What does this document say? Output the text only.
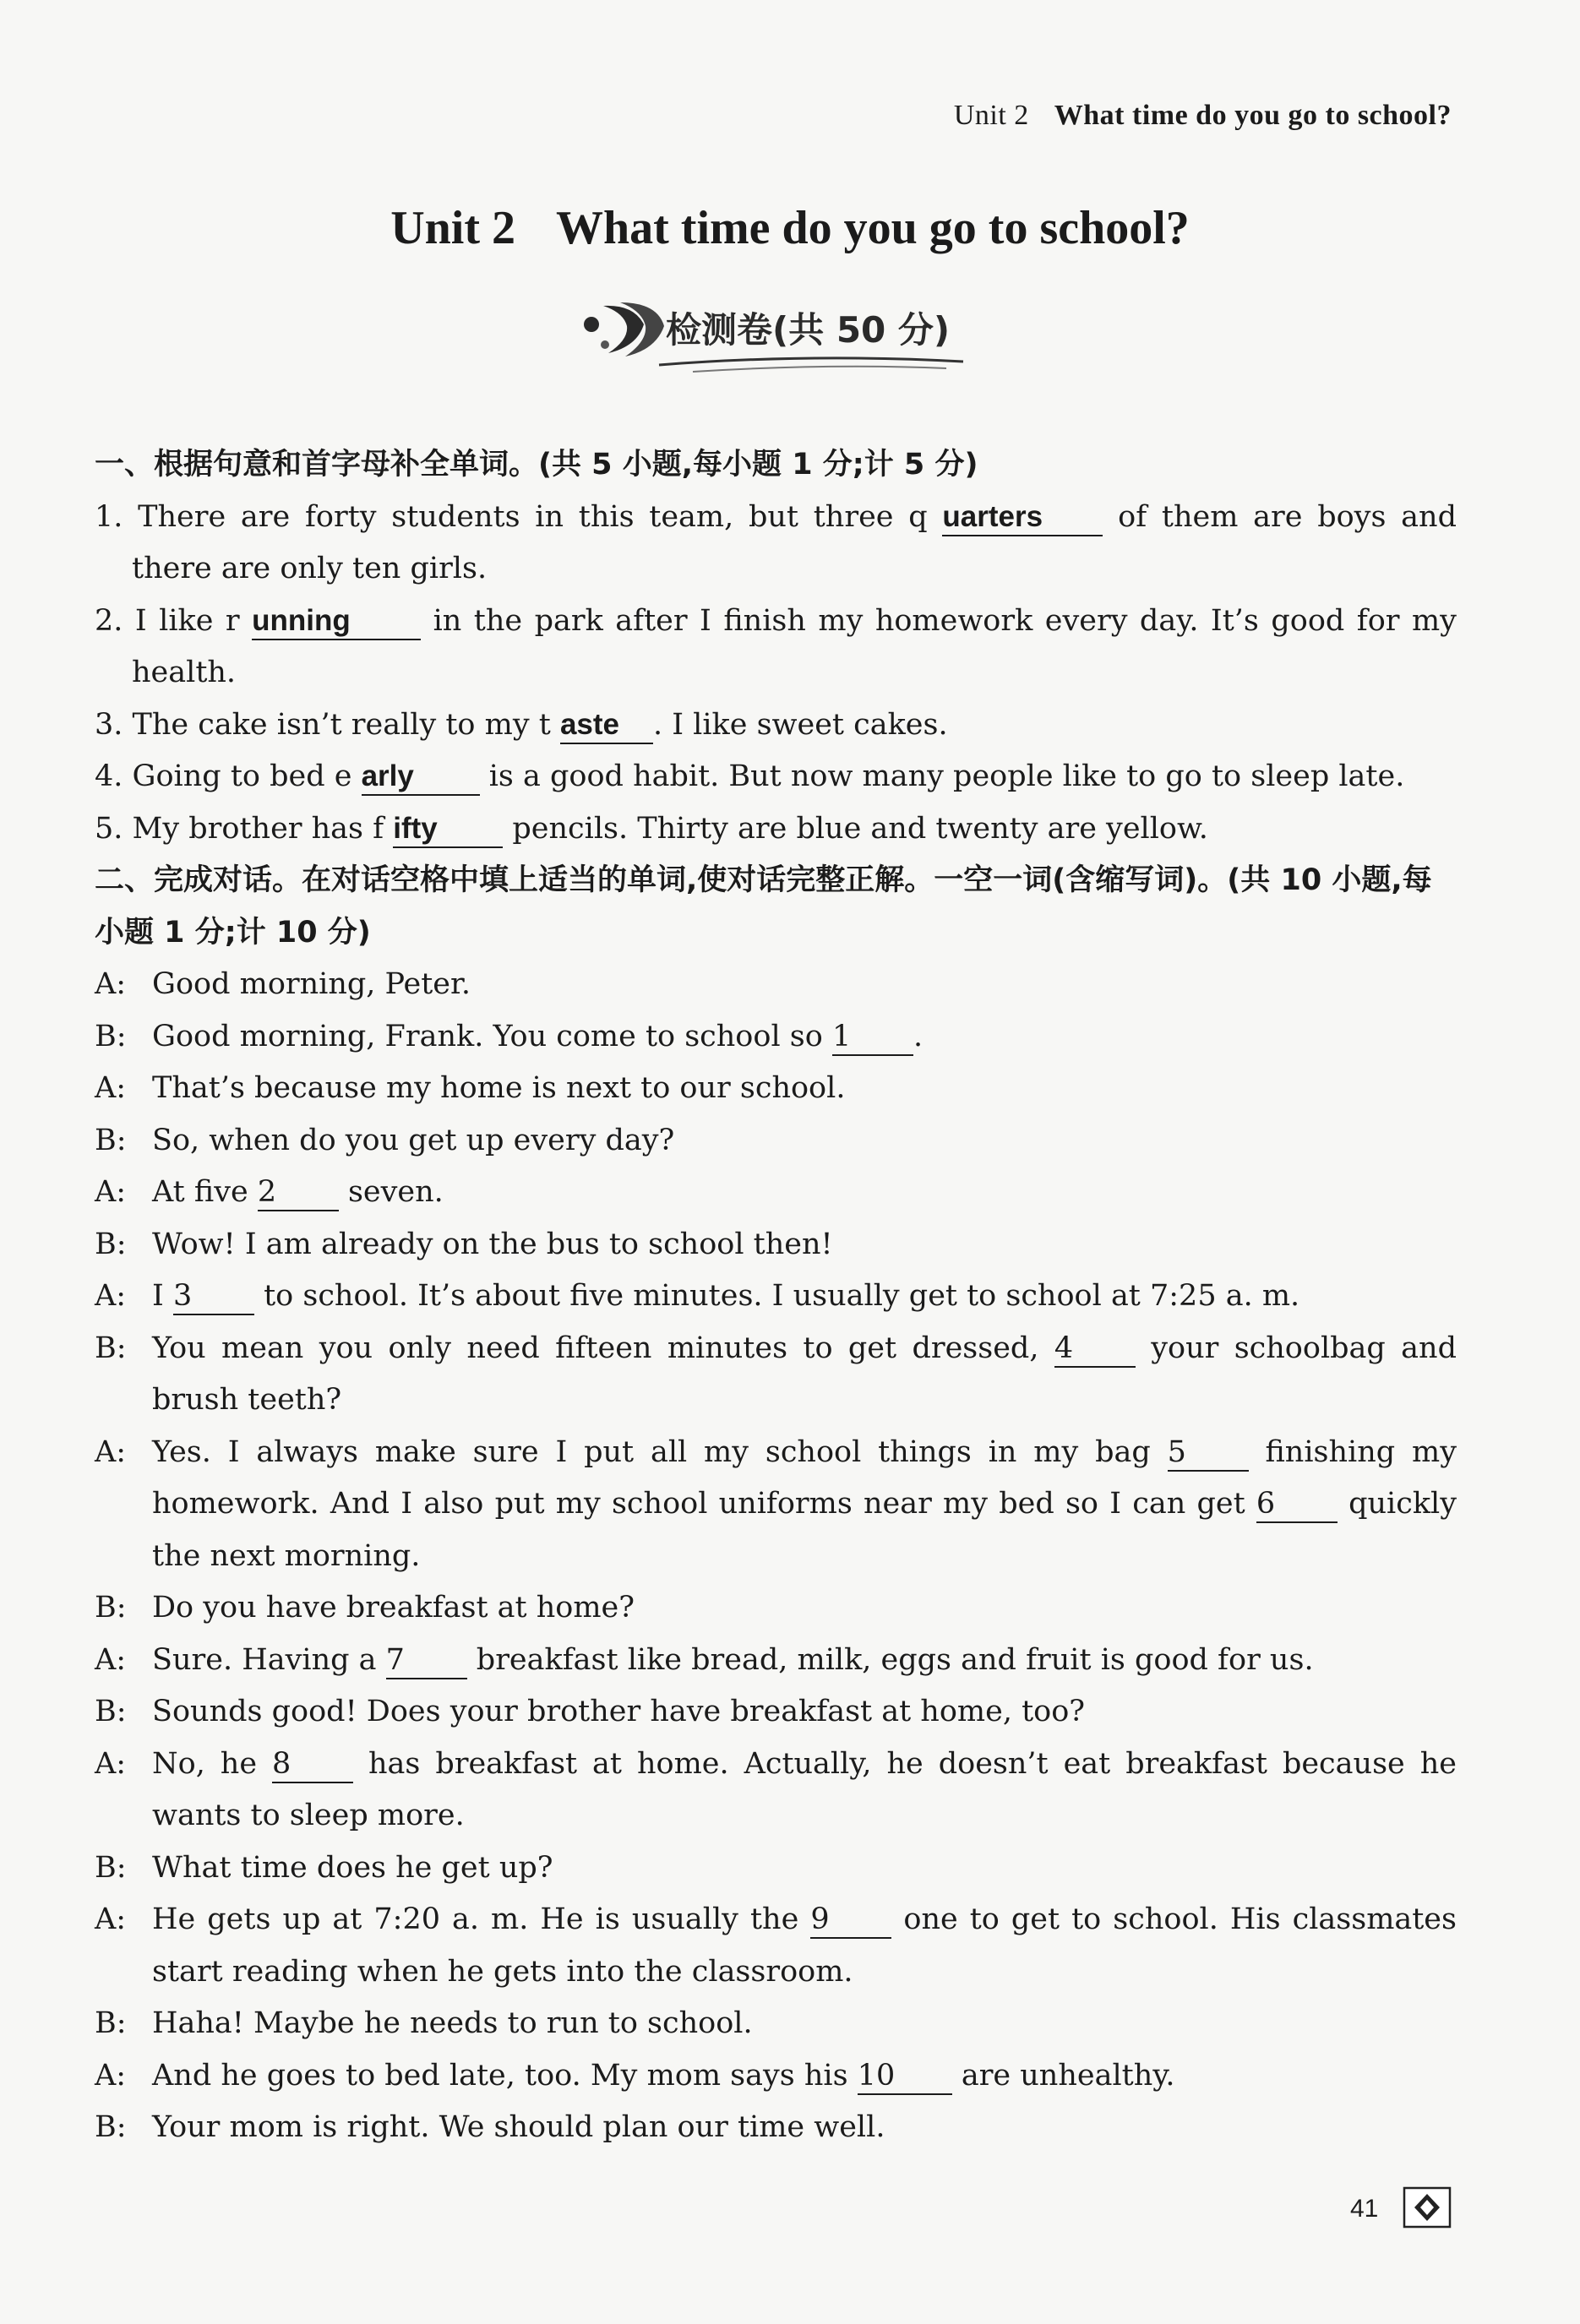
Unit 2 What time do you go to school?
Unit 2 What time do you go to school?
检测卷(共 50 分)
一、根据句意和首字母补全单词。(共 5 小题,每小题 1 分;计 5 分)
1. There are forty students in this team, but three q uarters	of them are boys and there are only ten girls.
2. I like r unning	in the park after I finish my homework every day. It’s good for my health.
3. The cake isn’t really to my t aste . I like sweet cakes.
4. Going to bed e arly	is a good habit. But now many people like to go to sleep late.
5. My brother has f ifty	pencils. Thirty are blue and twenty are yellow.
二、完成对话。在对话空格中填上适当的单词,使对话完整正解。一空一词(含缩写词)。(共 10 小题,每小题 1 分;计 10 分)
A: Good morning, Peter.
B: Good morning, Frank. You come to school so 1 .
A: That’s because my home is next to our school.
B: So, when do you get up every day?
A: At five 2 seven.
B: Wow! I am already on the bus to school then!
A: I 3 to school. It’s about five minutes. I usually get to school at 7:25 a. m.
B: You mean you only need fifteen minutes to get dressed, 4	your schoolbag and brush teeth?
A: Yes. I always make sure I put all my school things in my bag 5	finishing my homework. And I also put my school uniforms near my bed so I can get 6 quickly the next morning.
B: Do you have breakfast at home?
A: Sure. Having a 7 breakfast like bread, milk, eggs and fruit is good for us.
B: Sounds good! Does your brother have breakfast at home, too?
A: No, he 8	has breakfast at home. Actually, he doesn’t eat breakfast because he wants to sleep more.
B: What time does he get up?
A: He gets up at 7:20 a. m. He is usually the 9	one to get to school. His classmates start reading when he gets into the classroom.
B: Haha! Maybe he needs to run to school.
A: And he goes to bed late, too. My mom says his 10 are unhealthy.
B: Your mom is right. We should plan our time well.
41
